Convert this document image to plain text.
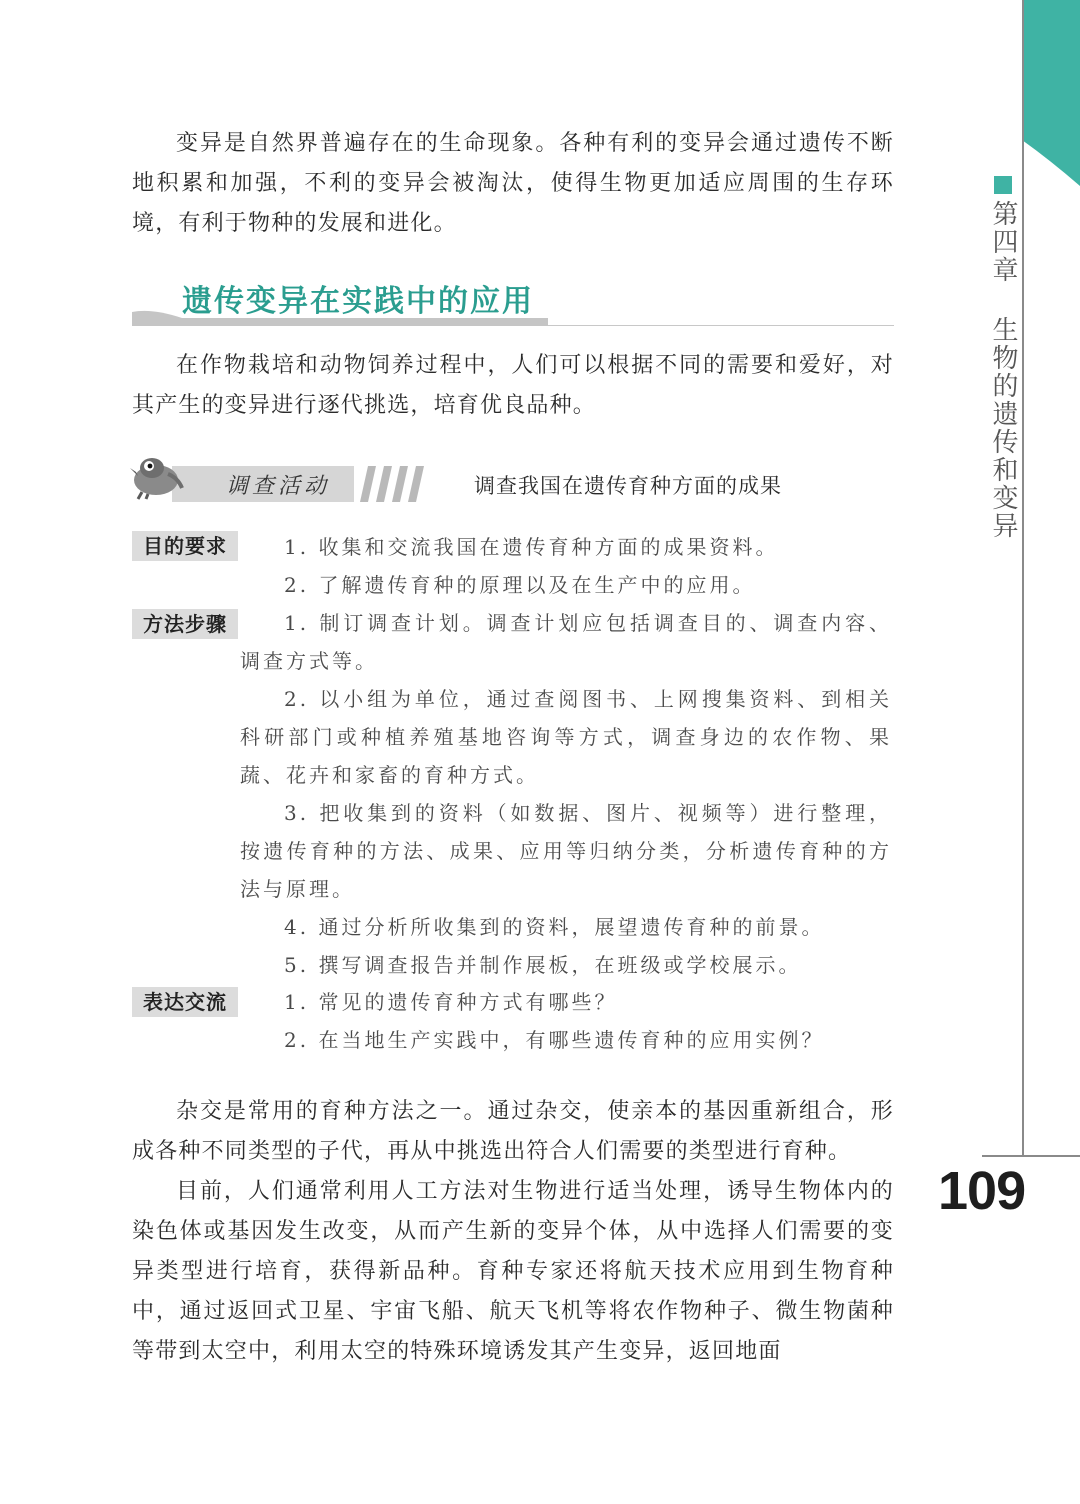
第四章 生物的遗传和变异
109

变异是自然界普遍存在的生命现象。各种有利的变异会通过遗传不断地积累和加强，不利的变异会被淘汰，使得生物更加适应周围的生存环境，有利于物种的发展和进化。

遗传变异在实践中的应用

在作物栽培和动物饲养过程中，人们可以根据不同的需要和爱好，对其产生的变异进行逐代挑选，培育优良品种。

调查活动	调查我国在遗传育种方面的成果
目的要求	1. 收集和交流我国在遗传育种方面的成果资料。

2. 了解遗传育种的原理以及在生产中的应用。

方法步骤	1. 制订调查计划。调查计划应包括调查目的、调查内容、调查方式等。

2. 以小组为单位，通过查阅图书、上网搜集资料、到相关科研部门或种植养殖基地咨询等方式，调查身边的农作物、果蔬、花卉和家畜的育种方式。

3. 把收集到的资料（如数据、图片、视频等）进行整理，按遗传育种的方法、成果、应用等归纳分类，分析遗传育种的方法与原理。

4. 通过分析所收集到的资料，展望遗传育种的前景。

5. 撰写调查报告并制作展板，在班级或学校展示。

表达交流	1. 常见的遗传育种方式有哪些？

2. 在当地生产实践中，有哪些遗传育种的应用实例？

杂交是常用的育种方法之一。通过杂交，使亲本的基因重新组合，形成各种不同类型的子代，再从中挑选出符合人们需要的类型进行育种。

目前，人们通常利用人工方法对生物进行适当处理，诱导生物体内的染色体或基因发生改变，从而产生新的变异个体，从中选择人们需要的变异类型进行培育，获得新品种。育种专家还将航天技术应用到生物育种中，通过返回式卫星、宇宙飞船、航天飞机等将农作物种子、微生物菌种等带到太空中，利用太空的特殊环境诱发其产生变异，返回地面
